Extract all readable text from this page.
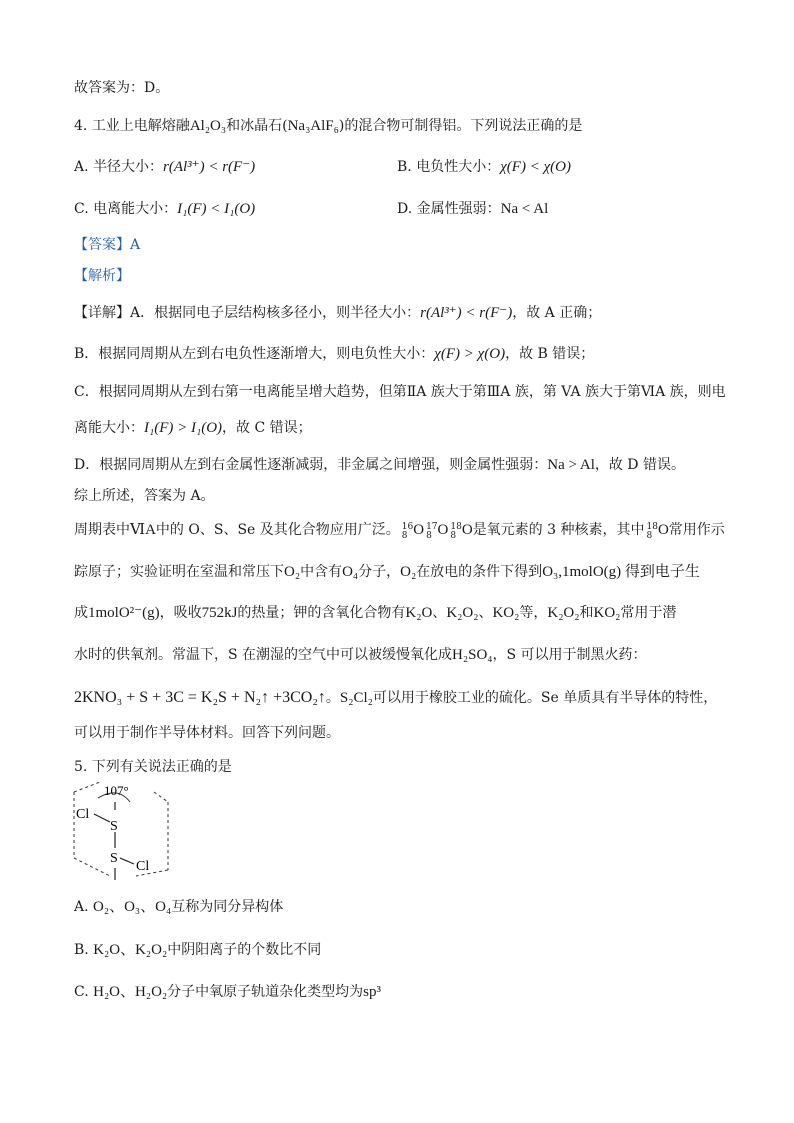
故答案为：D。
4. 工业上电解熔融Al₂O₃和冰晶石(Na₃AlF₆)的混合物可制得铝。下列说法正确的是
A. 半径大小：r(Al³⁺) < r(F⁻)	B. 电负性大小：χ(F) < χ(O)
C. 电离能大小：I₁(F) < I₁(O)	D. 金属性强弱：Na < Al
【答案】A
【解析】
【详解】A．根据同电子层结构核多径小，则半径大小：r(Al³⁺) < r(F⁻)，故 A 正确；
B．根据同周期从左到右电负性逐渐增大，则电负性大小：χ(F) > χ(O)，故 B 错误；
C．根据同周期从左到右第一电离能呈增大趋势，但第ⅡA 族大于第ⅢA 族，第 VA 族大于第ⅥA 族，则电
离能大小：I₁(F) > I₁(O)，故 C 错误；
D．根据同周期从左到右金属性逐渐减弱，非金属之间增强，则金属性强弱：Na > Al，故 D 错误。
综上所述，答案为 A。
周期表中ⅥA中的 O、S、Se 及其化合物应用广泛。 16
8 O 17
8 O 18
8 O是氧元素的 3 种核素，其中 18
8 O常用作示
踪原子；实验证明在室温和常压下O₂中含有O₄分子，O₂在放电的条件下得到O₃,1molO(g) 得到电子生
成1molO²⁻(g)，吸收752kJ的热量；钾的含氧化合物有K₂O、K₂O₂、KO₂等，K₂O₂和KO₂常用于潜
水时的供氧剂。常温下，S 在潮湿的空气中可以被缓慢氧化成H₂SO₄，S 可以用于制黑火药：
2KNO₃ + S + 3C = K₂S + N₂↑ +3CO₂↑。S₂Cl₂可以用于橡胶工业的硫化。Se 单质具有半导体的特性，
可以用于制作半导体材料。回答下列问题。
5. 下列有关说法正确的是
107°
Cl
S
S
Cl
A. O₂、O₃、O₄互称为同分异构体
B. K₂O、K₂O₂中阴阳离子的个数比不同
C. H₂O、H₂O₂分子中氧原子轨道杂化类型均为sp³
